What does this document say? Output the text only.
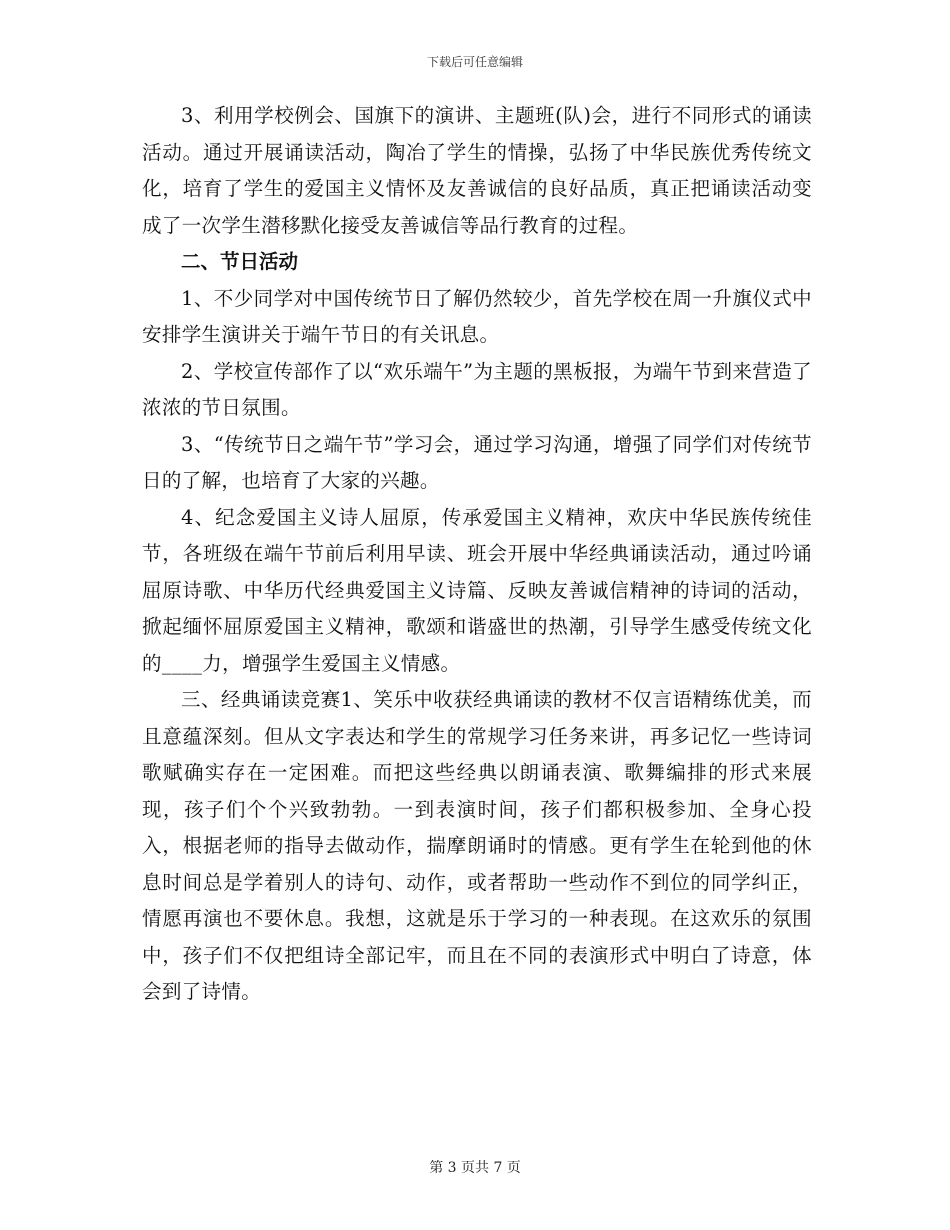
下载后可任意编辑

3、利用学校例会、国旗下的演讲、主题班(队)会，进行不同形式的诵读活动。通过开展诵读活动，陶冶了学生的情操，弘扬了中华民族优秀传统文化，培育了学生的爱国主义情怀及友善诚信的良好品质，真正把诵读活动变成了一次学生潜移默化接受友善诚信等品行教育的过程。

二、节日活动

1、不少同学对中国传统节日了解仍然较少，首先学校在周一升旗仪式中安排学生演讲关于端午节日的有关讯息。

2、学校宣传部作了以“欢乐端午”为主题的黑板报，为端午节到来营造了浓浓的节日氛围。

3、“传统节日之端午节”学习会，通过学习沟通，增强了同学们对传统节日的了解，也培育了大家的兴趣。

4、纪念爱国主义诗人屈原，传承爱国主义精神，欢庆中华民族传统佳节，各班级在端午节前后利用早读、班会开展中华经典诵读活动，通过吟诵屈原诗歌、中华历代经典爱国主义诗篇、反映友善诚信精神的诗词的活动，掀起缅怀屈原爱国主义精神，歌颂和谐盛世的热潮，引导学生感受传统文化的____力，增强学生爱国主义情感。

三、经典诵读竞赛1、笑乐中收获经典诵读的教材不仅言语精练优美，而且意蕴深刻。但从文字表达和学生的常规学习任务来讲，再多记忆一些诗词歌赋确实存在一定困难。而把这些经典以朗诵表演、歌舞编排的形式来展现，孩子们个个兴致勃勃。一到表演时间，孩子们都积极参加、全身心投入，根据老师的指导去做动作，揣摩朗诵时的情感。更有学生在轮到他的休息时间总是学着别人的诗句、动作，或者帮助一些动作不到位的同学纠正，情愿再演也不要休息。我想，这就是乐于学习的一种表现。在这欢乐的氛围中，孩子们不仅把组诗全部记牢，而且在不同的表演形式中明白了诗意，体会到了诗情。

第 3 页共 7 页
